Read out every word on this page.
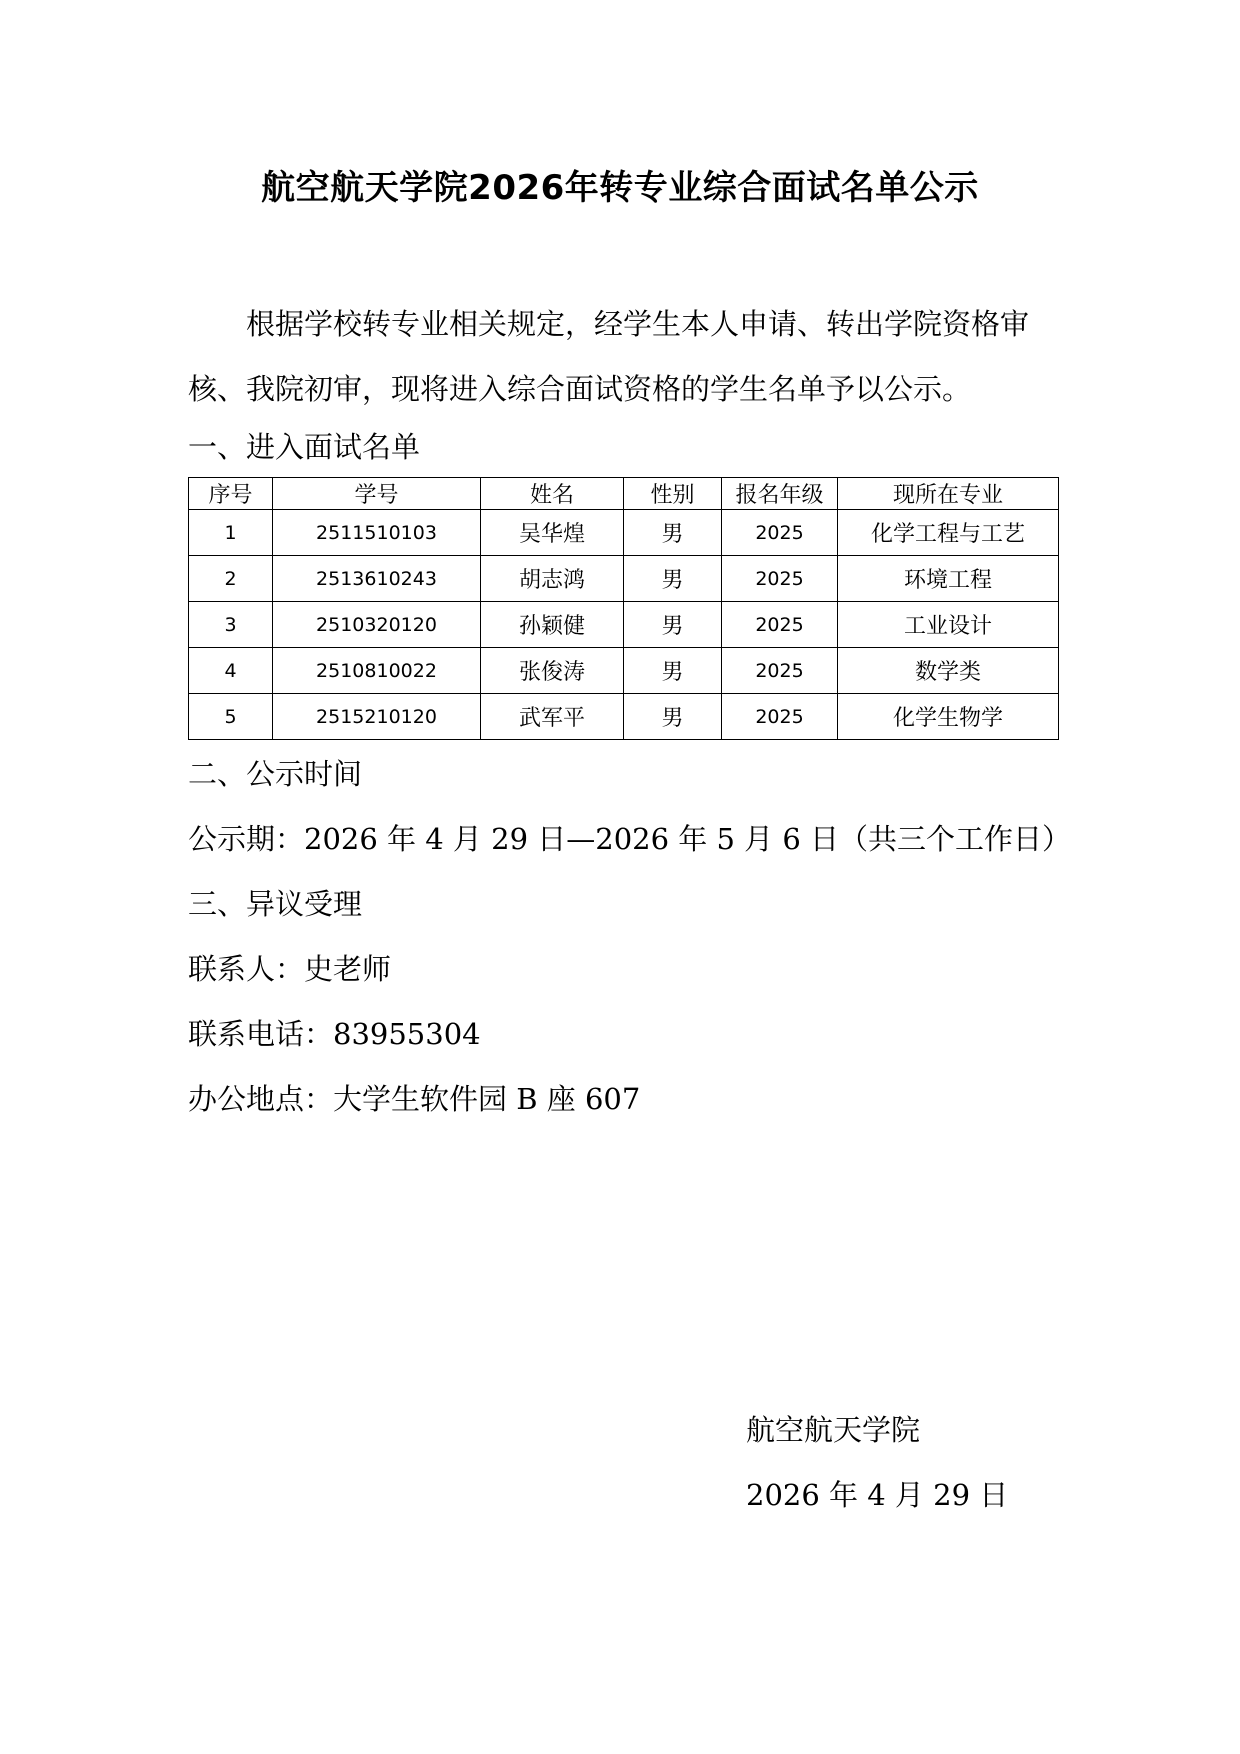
航空航天学院2026年转专业综合面试名单公示
根据学校转专业相关规定，经学生本人申请、转出学院资格审核、我院初审，现将进入综合面试资格的学生名单予以公示。
一、进入面试名单
序号	学号	姓名	性别	报名年级	现所在专业
1	2511510103	吴华煌	男	2025	化学工程与工艺
2	2513610243	胡志鸿	男	2025	环境工程
3	2510320120	孙颖健	男	2025	工业设计
4	2510810022	张俊涛	男	2025	数学类
5	2515210120	武军平	男	2025	化学生物学
二、公示时间
公示期：2026 年 4 月 29 日—2026 年 5 月 6 日（共三个工作日）
三、异议受理
联系人：史老师
联系电话：83955304
办公地点：大学生软件园 B 座 607
航空航天学院
2026 年 4 月 29 日
